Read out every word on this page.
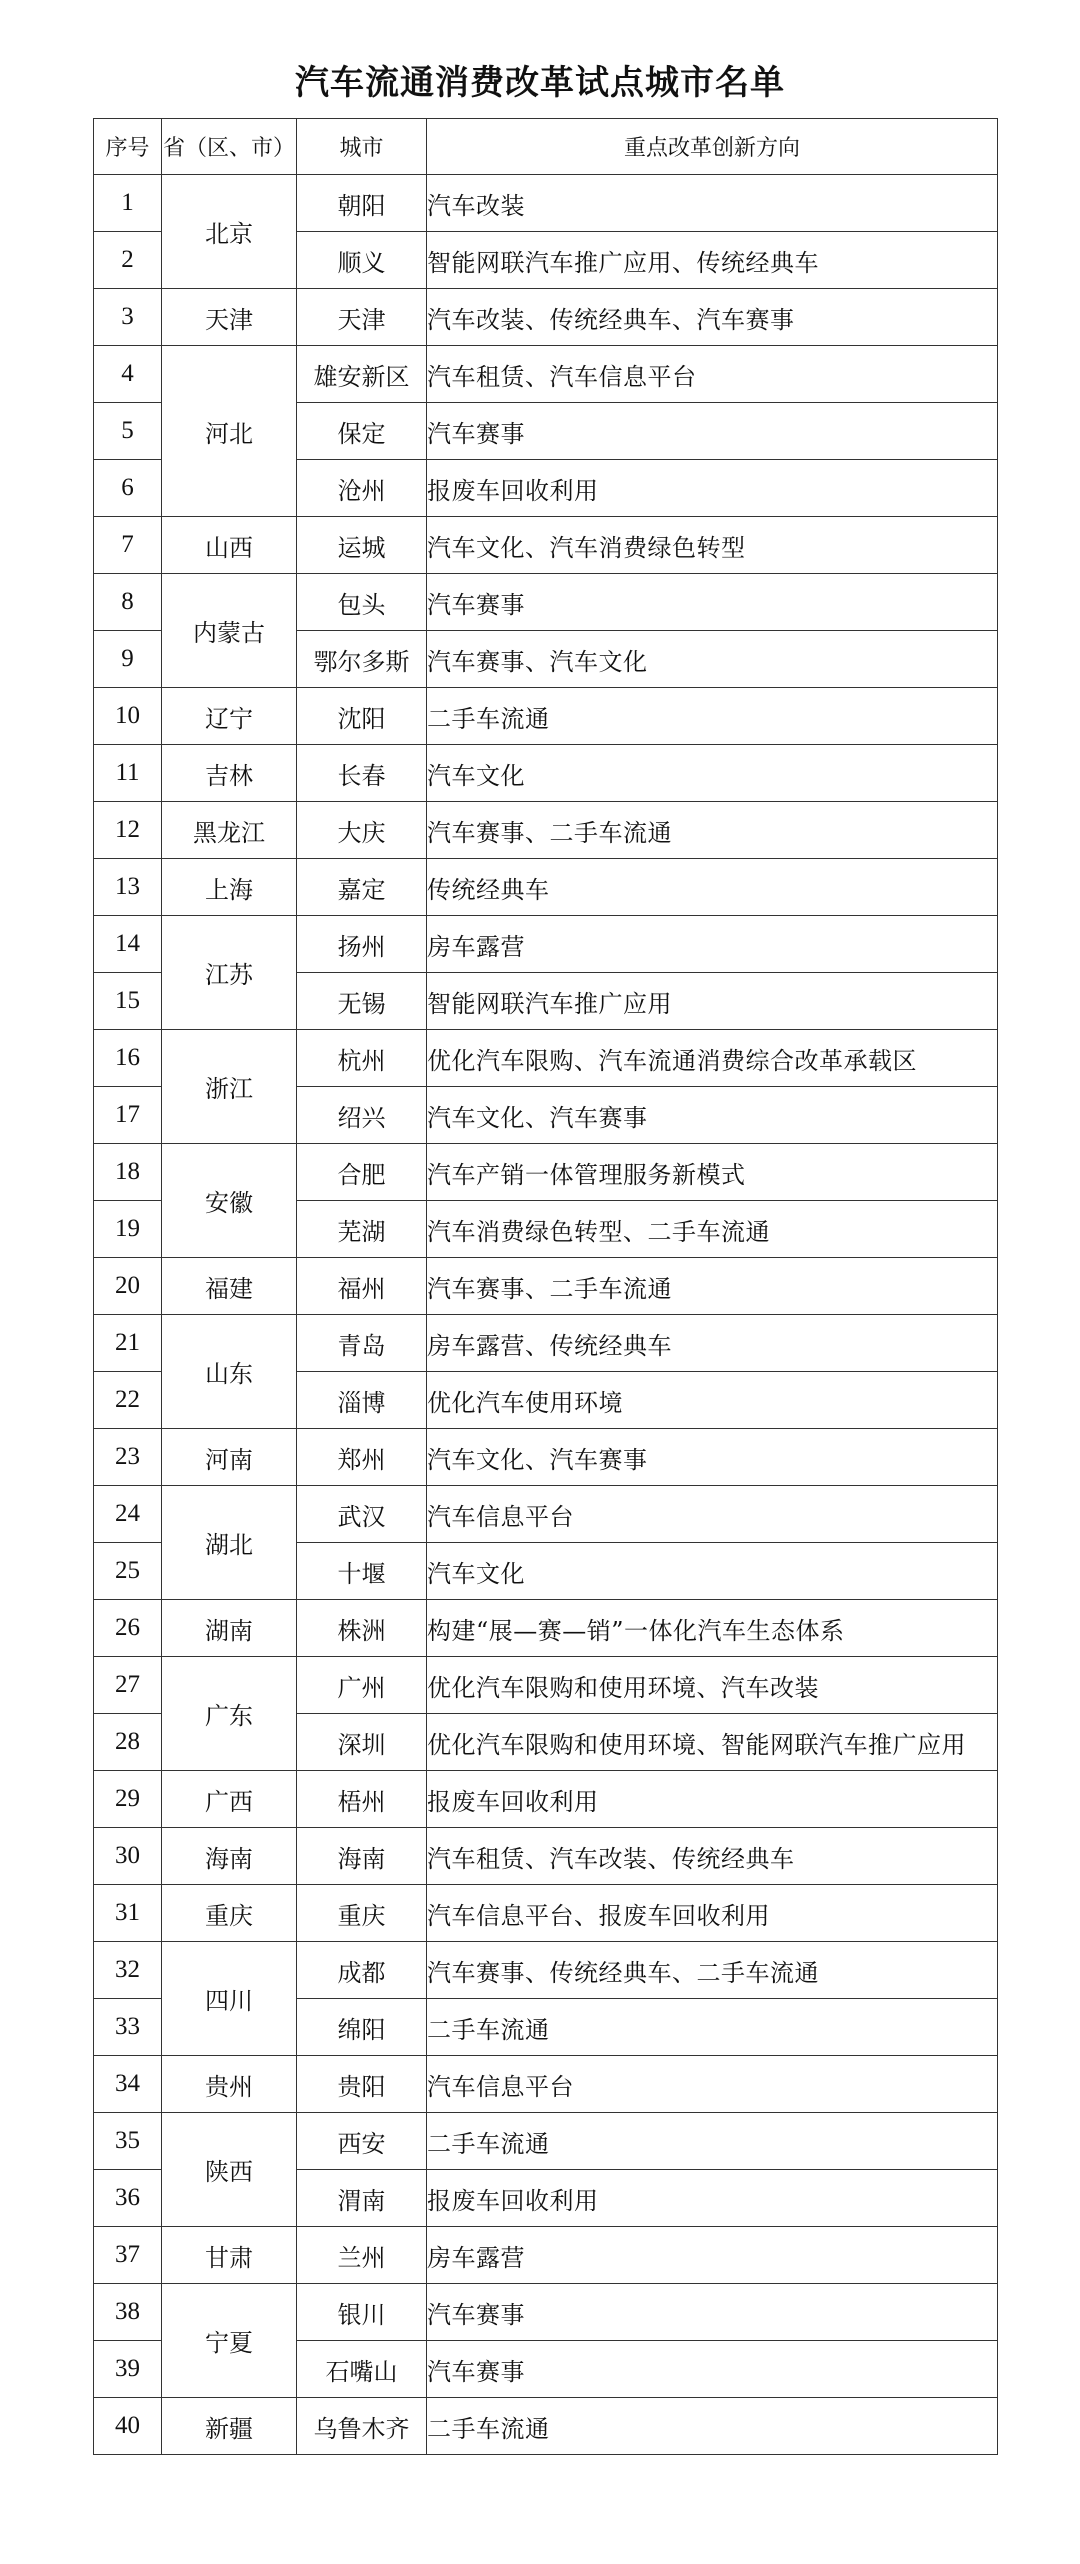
汽车流通消费改革试点城市名单
序号	省（区、市）	城市	重点改革创新方向
1	北京	朝阳	汽车改装
2		顺义	智能网联汽车推广应用、传统经典车
3	天津	天津	汽车改装、传统经典车、汽车赛事
4	河北	雄安新区	汽车租赁、汽车信息平台
5		保定	汽车赛事
6		沧州	报废车回收利用
7	山西	运城	汽车文化、汽车消费绿色转型
8	内蒙古	包头	汽车赛事
9		鄂尔多斯	汽车赛事、汽车文化
10	辽宁	沈阳	二手车流通
11	吉林	长春	汽车文化
12	黑龙江	大庆	汽车赛事、二手车流通
13	上海	嘉定	传统经典车
14	江苏	扬州	房车露营
15		无锡	智能网联汽车推广应用
16	浙江	杭州	优化汽车限购、汽车流通消费综合改革承载区
17		绍兴	汽车文化、汽车赛事
18	安徽	合肥	汽车产销一体管理服务新模式
19		芜湖	汽车消费绿色转型、二手车流通
20	福建	福州	汽车赛事、二手车流通
21	山东	青岛	房车露营、传统经典车
22		淄博	优化汽车使用环境
23	河南	郑州	汽车文化、汽车赛事
24	湖北	武汉	汽车信息平台
25		十堰	汽车文化
26	湖南	株洲	构建“展—赛—销”一体化汽车生态体系
27	广东	广州	优化汽车限购和使用环境、汽车改装
28		深圳	优化汽车限购和使用环境、智能网联汽车推广应用
29	广西	梧州	报废车回收利用
30	海南	海南	汽车租赁、汽车改装、传统经典车
31	重庆	重庆	汽车信息平台、报废车回收利用
32	四川	成都	汽车赛事、传统经典车、二手车流通
33		绵阳	二手车流通
34	贵州	贵阳	汽车信息平台
35	陕西	西安	二手车流通
36		渭南	报废车回收利用
37	甘肃	兰州	房车露营
38	宁夏	银川	汽车赛事
39		石嘴山	汽车赛事
40	新疆	乌鲁木齐	二手车流通
